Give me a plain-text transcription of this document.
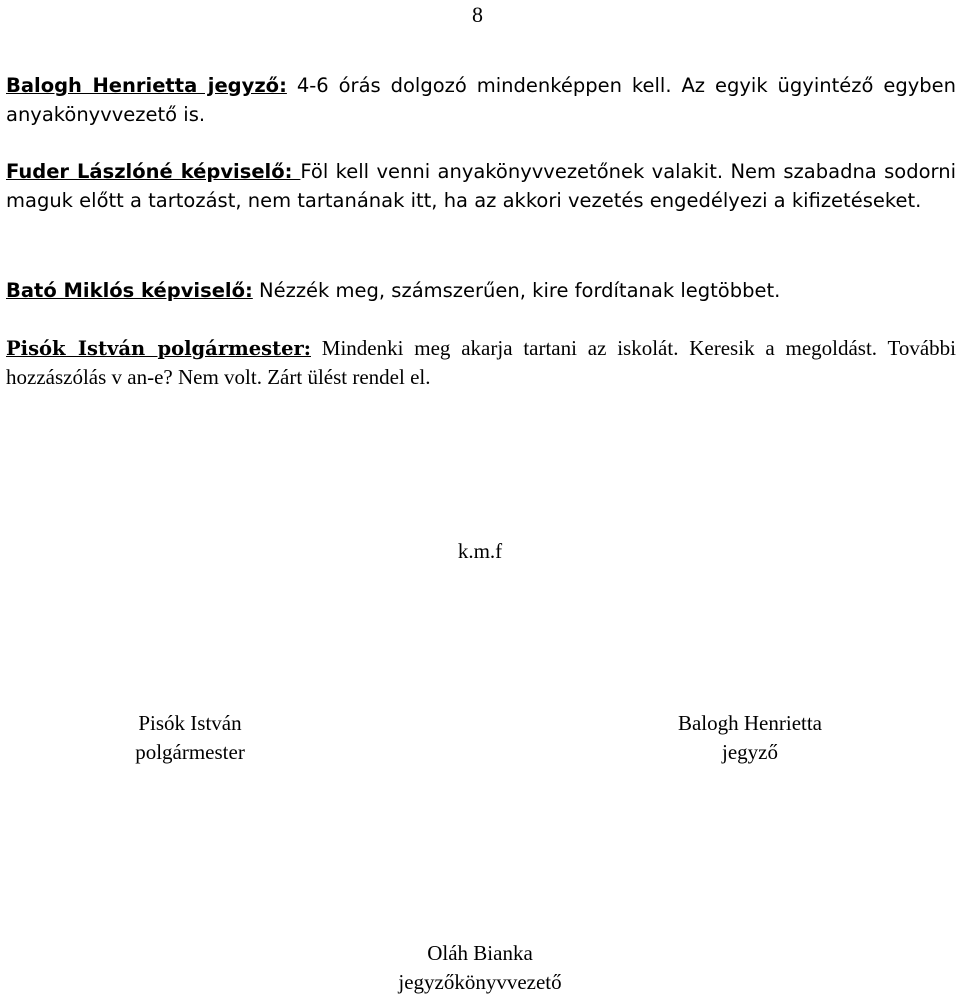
8

Balogh Henrietta jegyző: 4-6 órás dolgozó mindenképpen kell. Az egyik ügyintéző egyben anyakönyvvezető is.

Fuder Lászlóné képviselő: Föl kell venni anyakönyvvezetőnek valakit. Nem szabadna sodorni maguk előtt a tartozást, nem tartanának itt, ha az akkori vezetés engedélyezi a kifizetéseket.

Bató Miklós képviselő: Nézzék meg, számszerűen, kire fordítanak legtöbbet.

Pisók István polgármester: Mindenki meg akarja tartani az iskolát. Keresik a megoldást. További hozzászólás v an-e? Nem volt. Zárt ülést rendel el.

k.m.f
Pisók István
polgármester
Balogh Henrietta
jegyző
Oláh Bianka
jegyzőkönyvvezető
